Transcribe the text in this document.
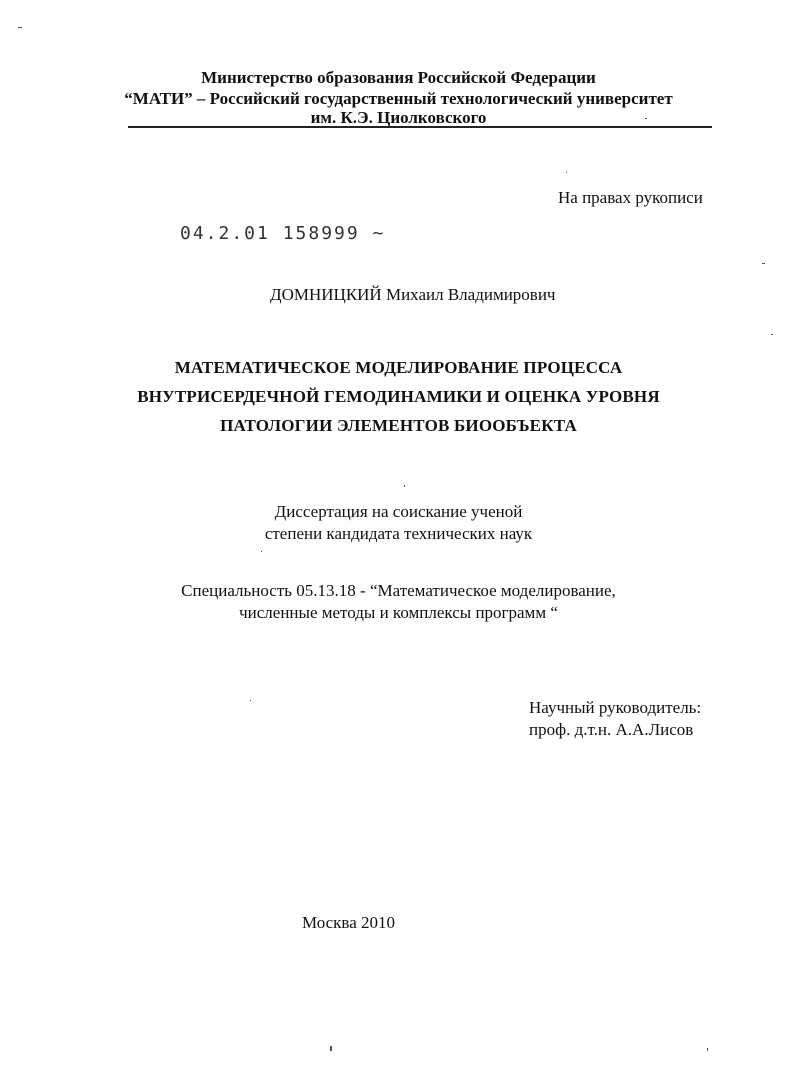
Министерство образования Российской Федерации
“МАТИ” – Российский государственный технологический университет
им. К.Э. Циолковского
На правах рукописи
04.2.01 158999 ~
ДОМНИЦКИЙ Михаил Владимирович
МАТЕМАТИЧЕСКОЕ МОДЕЛИРОВАНИЕ ПРОЦЕССА
ВНУТРИСЕРДЕЧНОЙ ГЕМОДИНАМИКИ И ОЦЕНКА УРОВНЯ
ПАТОЛОГИИ ЭЛЕМЕНТОВ БИООБЪЕКТА
Диссертация на соискание ученой
степени кандидата технических наук
Специальность 05.13.18 - “Математическое моделирование,
численные методы и комплексы программ “
Научный руководитель:
проф. д.т.н. А.А.Лисов
Москва 2010
